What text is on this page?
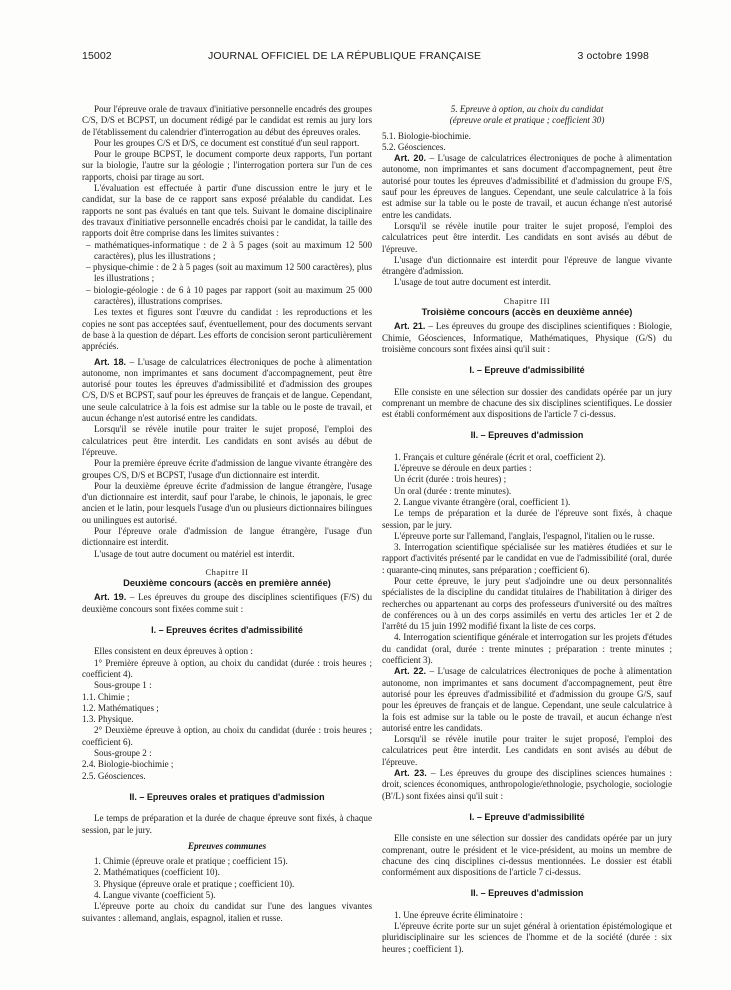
15002	JOURNAL OFFICIEL DE LA RÉPUBLIQUE FRANÇAISE	3 octobre 1998

Pour l'épreuve orale de travaux d'initiative personnelle encadrés des groupes C/S, D/S et BCPST, un document rédigé par le candidat est remis au jury lors de l'établissement du calendrier d'interrogation au début des épreuves orales.

Pour les groupes C/S et D/S, ce document est constitué d'un seul rapport.

Pour le groupe BCPST, le document comporte deux rapports, l'un portant sur la biologie, l'autre sur la géologie ; l'interrogation portera sur l'un de ces rapports, choisi par tirage au sort.

L'évaluation est effectuée à partir d'une discussion entre le jury et le candidat, sur la base de ce rapport sans exposé préalable du candidat. Les rapports ne sont pas évalués en tant que tels. Suivant le domaine disciplinaire des travaux d'initiative personnelle encadrés choisi par le candidat, la taille des rapports doit être comprise dans les limites suivantes :

– mathématiques-informatique : de 2 à 5 pages (soit au maximum 12 500 caractères), plus les illustrations ;

– physique-chimie : de 2 à 5 pages (soit au maximum 12 500 caractères), plus les illustrations ;

– biologie-géologie : de 6 à 10 pages par rapport (soit au maximum 25 000 caractères), illustrations comprises.

Les textes et figures sont l'œuvre du candidat : les reproductions et les copies ne sont pas acceptées sauf, éventuellement, pour des documents servant de base à la question de départ. Les efforts de concision seront particulièrement appréciés.

Art. 18. – L'usage de calculatrices électroniques de poche à alimentation autonome, non imprimantes et sans document d'accompagnement, peut être autorisé pour toutes les épreuves d'admissibilité et d'admission des groupes C/S, D/S et BCPST, sauf pour les épreuves de français et de langue. Cependant, une seule calculatrice à la fois est admise sur la table ou le poste de travail, et aucun échange n'est autorisé entre les candidats.

Lorsqu'il se révèle inutile pour traiter le sujet proposé, l'emploi des calculatrices peut être interdit. Les candidats en sont avisés au début de l'épreuve.

Pour la première épreuve écrite d'admission de langue vivante étrangère des groupes C/S, D/S et BCPST, l'usage d'un dictionnaire est interdit.

Pour la deuxième épreuve écrite d'admission de langue étrangère, l'usage d'un dictionnaire est interdit, sauf pour l'arabe, le chinois, le japonais, le grec ancien et le latin, pour lesquels l'usage d'un ou plusieurs dictionnaires bilingues ou unilingues est autorisé.

Pour l'épreuve orale d'admission de langue étrangère, l'usage d'un dictionnaire est interdit.

L'usage de tout autre document ou matériel est interdit.

Chapitre II

Deuxième concours (accès en première année)

Art. 19. – Les épreuves du groupe des disciplines scientifiques (F/S) du deuxième concours sont fixées comme suit :

I. – Epreuves écrites d'admissibilité

Elles consistent en deux épreuves à option :

1° Première épreuve à option, au choix du candidat (durée : trois heures ; coefficient 4).

Sous-groupe 1 :

1.1. Chimie ;

1.2. Mathématiques ;

1.3. Physique.

2° Deuxième épreuve à option, au choix du candidat (durée : trois heures ; coefficient 6).

Sous-groupe 2 :

2.4. Biologie-biochimie ;

2.5. Géosciences.

II. – Epreuves orales et pratiques d'admission

Le temps de préparation et la durée de chaque épreuve sont fixés, à chaque session, par le jury.

Epreuves communes

1. Chimie (épreuve orale et pratique ; coefficient 15).

2. Mathématiques (coefficient 10).

3. Physique (épreuve orale et pratique ; coefficient 10).

4. Langue vivante (coefficient 5).

L'épreuve porte au choix du candidat sur l'une des langues vivantes suivantes : allemand, anglais, espagnol, italien et russe.

5. Epreuve à option, au choix du candidat

(épreuve orale et pratique ; coefficient 30)

5.1. Biologie-biochimie.

5.2. Géosciences.

Art. 20. – L'usage de calculatrices électroniques de poche à alimentation autonome, non imprimantes et sans document d'accompagnement, peut être autorisé pour toutes les épreuves d'admissibilité et d'admission du groupe F/S, sauf pour les épreuves de langues. Cependant, une seule calculatrice à la fois est admise sur la table ou le poste de travail, et aucun échange n'est autorisé entre les candidats.

Lorsqu'il se révèle inutile pour traiter le sujet proposé, l'emploi des calculatrices peut être interdit. Les candidats en sont avisés au début de l'épreuve.

L'usage d'un dictionnaire est interdit pour l'épreuve de langue vivante étrangère d'admission.

L'usage de tout autre document est interdit.

Chapitre III

Troisième concours (accès en deuxième année)

Art. 21. – Les épreuves du groupe des disciplines scientifiques : Biologie, Chimie, Géosciences, Informatique, Mathématiques, Physique (G/S) du troisième concours sont fixées ainsi qu'il suit :

I. – Epreuve d'admissibilité

Elle consiste en une sélection sur dossier des candidats opérée par un jury comprenant un membre de chacune des six disciplines scientifiques. Le dossier est établi conformément aux dispositions de l'article 7 ci-dessus.

II. – Epreuves d'admission

1. Français et culture générale (écrit et oral, coefficient 2).

L'épreuve se déroule en deux parties :

Un écrit (durée : trois heures) ;

Un oral (durée : trente minutes).

2. Langue vivante étrangère (oral, coefficient 1).

Le temps de préparation et la durée de l'épreuve sont fixés, à chaque session, par le jury.

L'épreuve porte sur l'allemand, l'anglais, l'espagnol, l'italien ou le russe.

3. Interrogation scientifique spécialisée sur les matières étudiées et sur le rapport d'activités présenté par le candidat en vue de l'admissibilité (oral, durée : quarante-cinq minutes, sans préparation ; coefficient 6).

Pour cette épreuve, le jury peut s'adjoindre une ou deux personnalités spécialistes de la discipline du candidat titulaires de l'habilitation à diriger des recherches ou appartenant au corps des professeurs d'université ou des maîtres de conférences ou à un des corps assimilés en vertu des articles 1er et 2 de l'arrêté du 15 juin 1992 modifié fixant la liste de ces corps.

4. Interrogation scientifique générale et interrogation sur les projets d'études du candidat (oral, durée : trente minutes ; préparation : trente minutes ; coefficient 3).

Art. 22. – L'usage de calculatrices électroniques de poche à alimentation autonome, non imprimantes et sans document d'accompagnement, peut être autorisé pour les épreuves d'admissibilité et d'admission du groupe G/S, sauf pour les épreuves de français et de langue. Cependant, une seule calculatrice à la fois est admise sur la table ou le poste de travail, et aucun échange n'est autorisé entre les candidats.

Lorsqu'il se révèle inutile pour traiter le sujet proposé, l'emploi des calculatrices peut être interdit. Les candidats en sont avisés au début de l'épreuve.

Art. 23. – Les épreuves du groupe des disciplines sciences humaines : droit, sciences économiques, anthropologie/ethnologie, psychologie, sociologie (B'/L) sont fixées ainsi qu'il suit :

I. – Epreuve d'admissibilité

Elle consiste en une sélection sur dossier des candidats opérée par un jury comprenant, outre le président et le vice-président, au moins un membre de chacune des cinq disciplines ci-dessus mentionnées. Le dossier est établi conformément aux dispositions de l'article 7 ci-dessus.

II. – Epreuves d'admission

1. Une épreuve écrite éliminatoire :

L'épreuve écrite porte sur un sujet général à orientation épistémologique et pluridisciplinaire sur les sciences de l'homme et de la société (durée : six heures ; coefficient 1).
